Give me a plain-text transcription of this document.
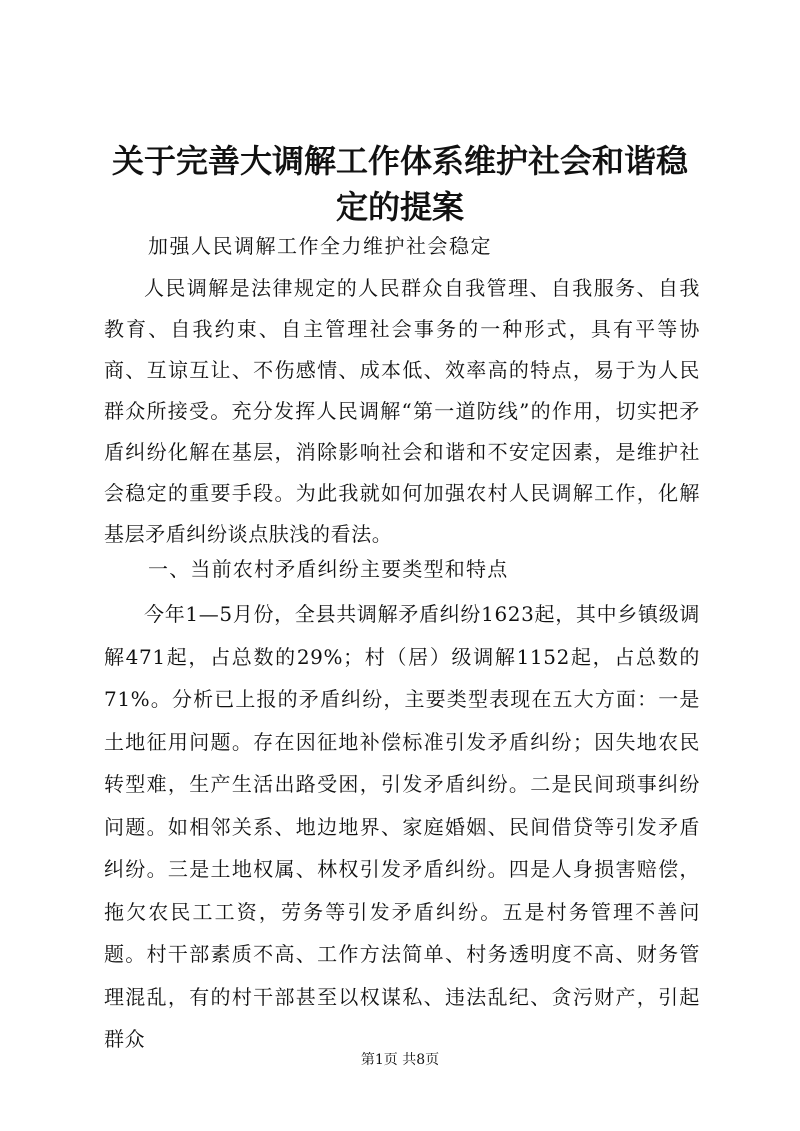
关于完善大调解工作体系维护社会和谐稳定的提案

加强人民调解工作全力维护社会稳定

人民调解是法律规定的人民群众自我管理、自我服务、自我教育、自我约束、自主管理社会事务的一种形式，具有平等协商、互谅互让、不伤感情、成本低、效率高的特点，易于为人民群众所接受。充分发挥人民调解“第一道防线”的作用，切实把矛盾纠纷化解在基层，消除影响社会和谐和不安定因素，是维护社会稳定的重要手段。为此我就如何加强农村人民调解工作，化解基层矛盾纠纷谈点肤浅的看法。

一、当前农村矛盾纠纷主要类型和特点

今年1—5月份，全县共调解矛盾纠纷1623起，其中乡镇级调解471起，占总数的29%；村（居）级调解1152起，占总数的71%。分析已上报的矛盾纠纷，主要类型表现在五大方面：一是土地征用问题。存在因征地补偿标准引发矛盾纠纷；因失地农民转型难，生产生活出路受困，引发矛盾纠纷。二是民间琐事纠纷问题。如相邻关系、地边地界、家庭婚姻、民间借贷等引发矛盾纠纷。三是土地权属、林权引发矛盾纠纷。四是人身损害赔偿，拖欠农民工工资，劳务等引发矛盾纠纷。五是村务管理不善问题。村干部素质不高、工作方法简单、村务透明度不高、财务管理混乱，有的村干部甚至以权谋私、违法乱纪、贪污财产，引起群众

第1页 共8页
